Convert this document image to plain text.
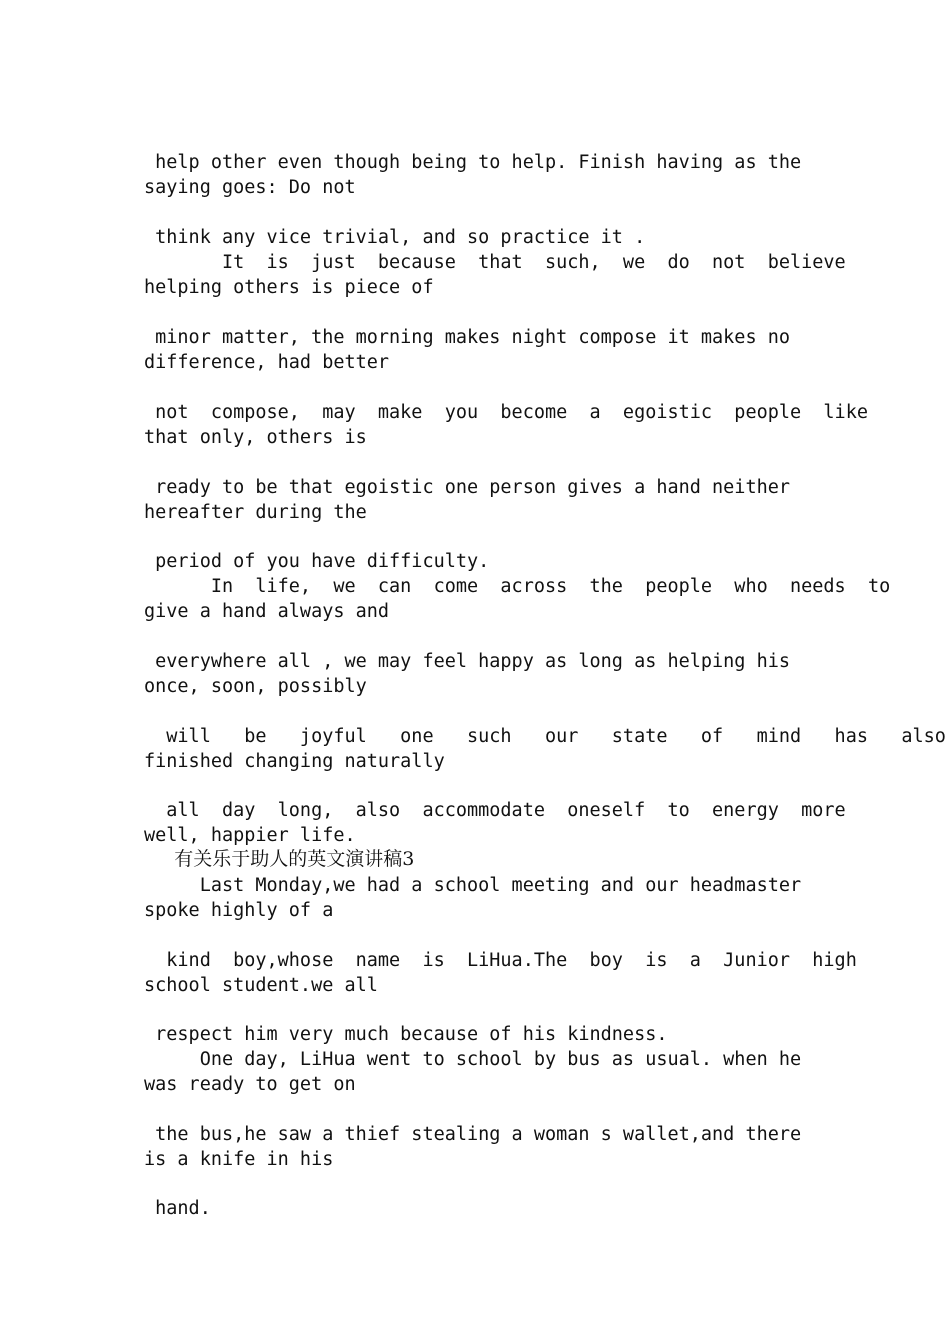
help other even though being to help. Finish having as the
saying goes: Do not
think any vice trivial, and so practice it .
It  is  just  because  that  such,  we  do  not  believe
helping others is piece of
minor matter, the morning makes night compose it makes no
difference, had better
not  compose,  may  make  you  become  a  egoistic  people  like
that only, others is
ready to be that egoistic one person gives a hand neither
hereafter during the
period of you have difficulty.
In  life,  we  can  come  across  the  people  who  needs  to
give a hand always and
everywhere all , we may feel happy as long as helping his
once, soon, possibly
will   be   joyful   one   such   our   state   of   mind   has   also
finished changing naturally
all  day  long,  also  accommodate  oneself  to  energy  more
well, happier life.
有关乐于助人的英文演讲稿3
Last Monday,we had a school meeting and our headmaster
spoke highly of a
kind  boy,whose  name  is  LiHua.The  boy  is  a  Junior  high
school student.we all
respect him very much because of his kindness.
One day, LiHua went to school by bus as usual. when he
was ready to get on
the bus,he saw a thief stealing a woman s wallet,and there
is a knife in his
hand.
